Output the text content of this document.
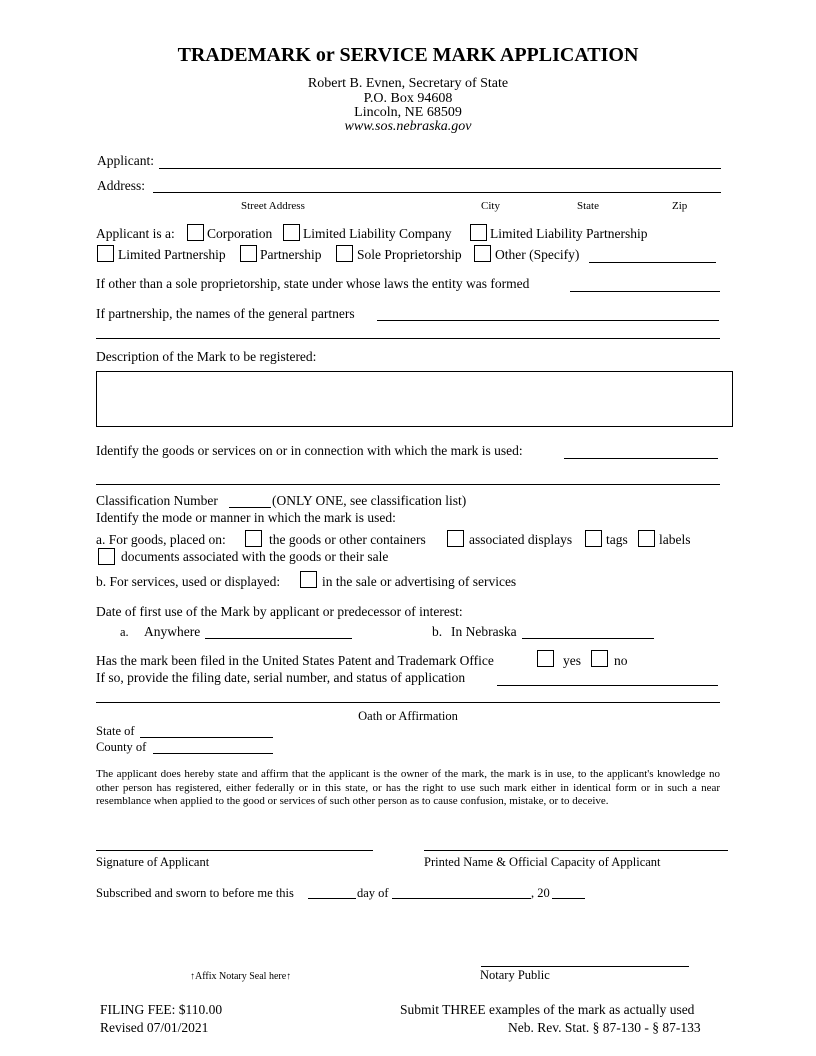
TRADEMARK or SERVICE MARK APPLICATION
Robert B. Evnen, Secretary of State
P.O. Box 94608
Lincoln, NE 68509
www.sos.nebraska.gov
Applicant:
Address:
Street Address	City	State	Zip
Applicant is a: Corporation Limited Liability Company	Limited Liability Partnership
Limited Partnership	Partnership	Sole Proprietorship Other (Specify)
If other than a sole proprietorship, state under whose laws the entity was formed
If partnership, the names of the general partners
Description of the Mark to be registered:
Identify the goods or services on or in connection with which the mark is used:
Classification Number	(ONLY ONE, see classification list)
Identify the mode or manner in which the mark is used:
a. For goods, placed on:	the goods or other containers	associated displays	tags labels
documents associated with the goods or their sale
b. For services, used or displayed:	in the sale or advertising of services
Date of first use of the Mark by applicant or predecessor of interest:
a. Anywhere	b. In Nebraska
Has the mark been filed in the United States Patent and Trademark Office	yes no
If so, provide the filing date, serial number, and status of application
Oath or Affirmation
State of
County of
The applicant does hereby state and affirm that the applicant is the owner of the mark, the mark is in use, to the applicant's knowledge no other person has registered, either federally or in this state, or has the right to use such mark either in identical form or in such a near resemblance when applied to the good or services of such other person as to cause confusion, mistake, or to deceive.
Signature of Applicant	Printed Name & Official Capacity of Applicant
Subscribed and sworn to before me this	day of	, 20
↑Affix Notary Seal here↑	Notary Public
FILING FEE: $110.00
Revised 07/01/2021
Submit THREE examples of the mark as actually used
Neb. Rev. Stat. § 87-130 - § 87-133
